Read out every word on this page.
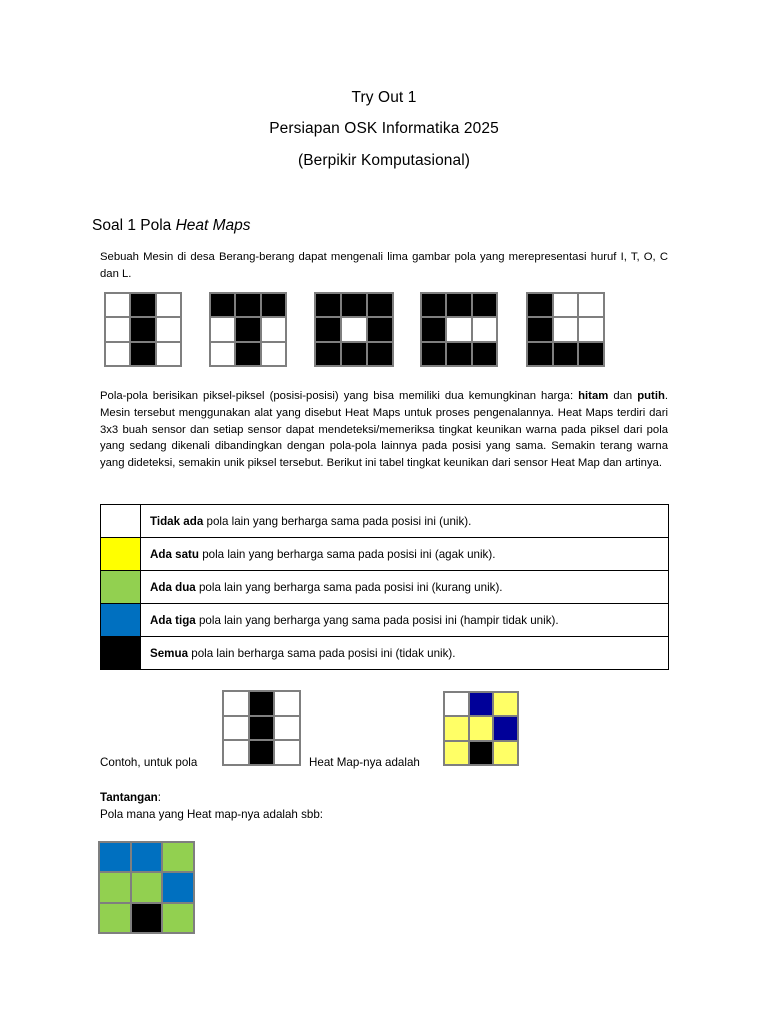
Try Out 1
Persiapan OSK Informatika 2025
(Berpikir Komputasional)
Soal 1 Pola Heat Maps
Sebuah Mesin di desa Berang-berang dapat mengenali lima gambar pola yang merepresentasi huruf I, T, O, C dan L.
Pola-pola berisikan piksel-piksel (posisi-posisi) yang bisa memiliki dua kemungkinan harga: hitam dan putih. Mesin tersebut menggunakan alat yang disebut Heat Maps untuk proses pengenalannya. Heat Maps terdiri dari 3x3 buah sensor dan setiap sensor dapat mendeteksi/memeriksa tingkat keunikan warna pada piksel dari pola yang sedang dikenali dibandingkan dengan pola-pola lainnya pada posisi yang sama. Semakin terang warna yang dideteksi, semakin unik piksel tersebut. Berikut ini tabel tingkat keunikan dari sensor Heat Map dan artinya.
	Tidak ada pola lain yang berharga sama pada posisi ini (unik).

	Ada satu pola lain yang berharga sama pada posisi ini (agak unik).

	Ada dua pola lain yang berharga sama pada posisi ini (kurang unik).

	Ada tiga pola lain yang berharga yang sama pada posisi ini (hampir tidak unik).

	Semua pola lain berharga sama pada posisi ini (tidak unik).
Contoh, untuk pola	Heat Map-nya adalah
Tantangan:
Pola mana yang Heat map-nya adalah sbb:
